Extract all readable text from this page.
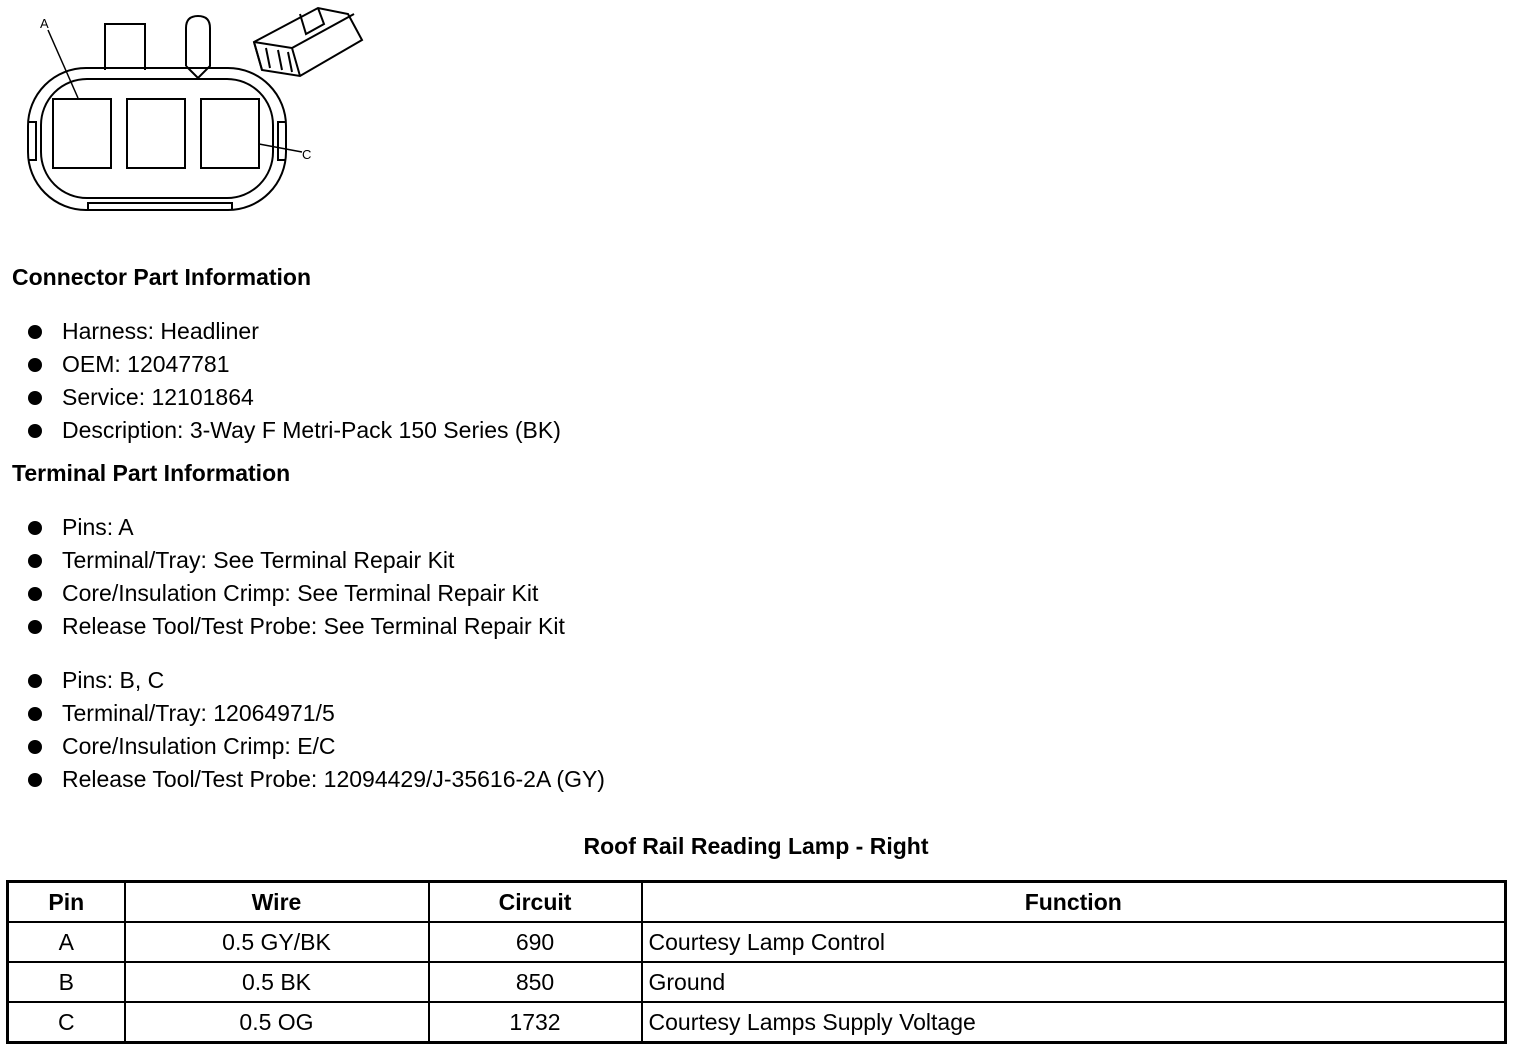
A
C
Connector Part Information
Harness: Headliner
OEM: 12047781
Service: 12101864
Description: 3-Way F Metri-Pack 150 Series (BK)
Terminal Part Information
Pins: A
Terminal/Tray: See Terminal Repair Kit
Core/Insulation Crimp: See Terminal Repair Kit
Release Tool/Test Probe: See Terminal Repair Kit
Pins: B, C
Terminal/Tray: 12064971/5
Core/Insulation Crimp: E/C
Release Tool/Test Probe: 12094429/J-35616-2A (GY)
Roof Rail Reading Lamp - Right
Pin	Wire	Circuit	Function
A	0.5 GY/BK	690	Courtesy Lamp Control
B	0.5 BK	850	Ground
C	0.5 OG	1732	Courtesy Lamps Supply Voltage
